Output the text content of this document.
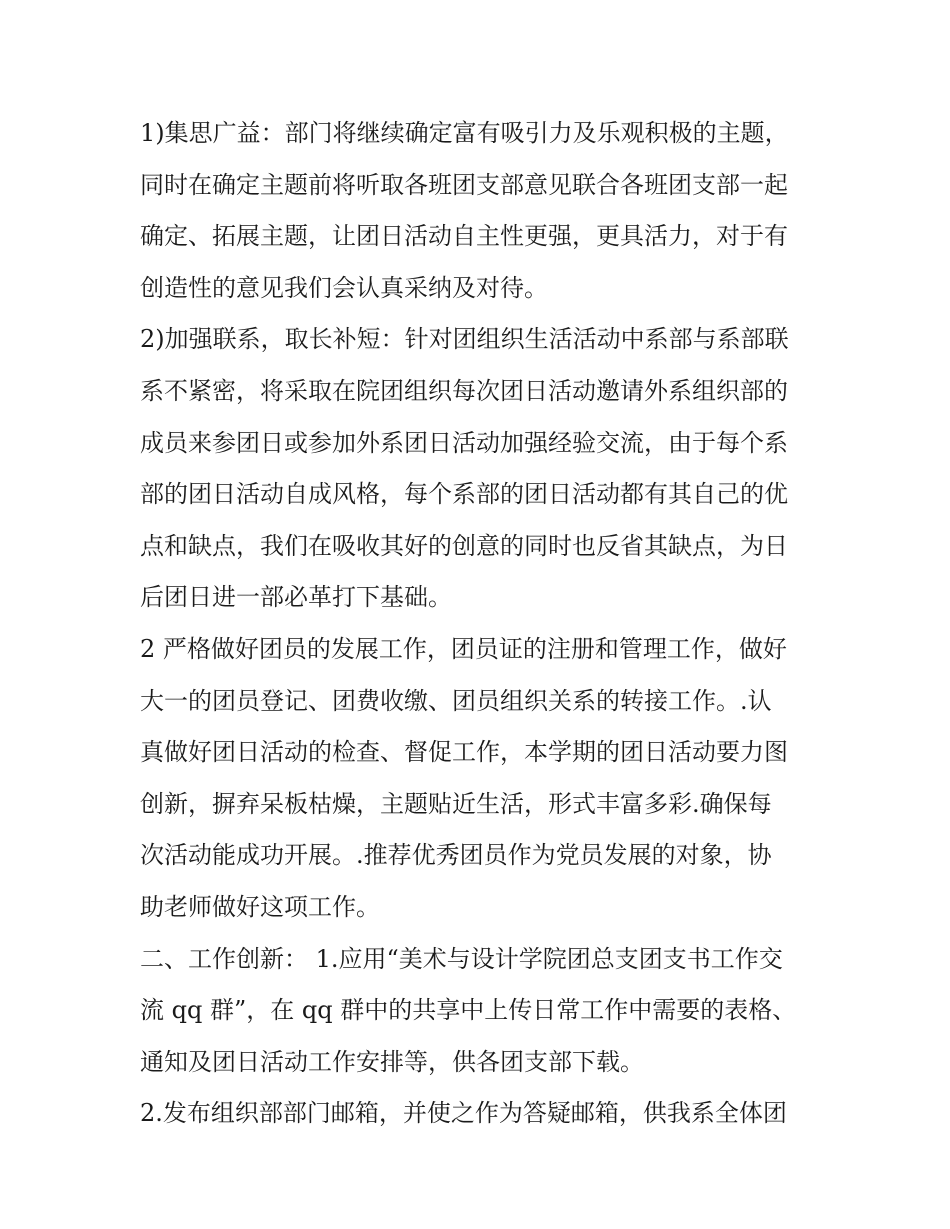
1)集思广益：部门将继续确定富有吸引力及乐观积极的主题，
同时在确定主题前将听取各班团支部意见联合各班团支部一起
确定、拓展主题，让团日活动自主性更强，更具活力，对于有
创造性的意见我们会认真采纳及对待。
2)加强联系，取长补短：针对团组织生活活动中系部与系部联
系不紧密，将采取在院团组织每次团日活动邀请外系组织部的
成员来参团日或参加外系团日活动加强经验交流，由于每个系
部的团日活动自成风格，每个系部的团日活动都有其自己的优
点和缺点，我们在吸收其好的创意的同时也反省其缺点，为日
后团日进一部必革打下基础。
2 严格做好团员的发展工作，团员证的注册和管理工作，做好
大一的团员登记、团费收缴、团员组织关系的转接工作。.认
真做好团日活动的检查、督促工作，本学期的团日活动要力图
创新，摒弃呆板枯燥，主题贴近生活，形式丰富多彩.确保每
次活动能成功开展。.推荐优秀团员作为党员发展的对象，协
助老师做好这项工作。
二、工作创新： 1.应用“美术与设计学院团总支团支书工作交
流 qq 群”，在 qq 群中的共享中上传日常工作中需要的表格、
通知及团日活动工作安排等，供各团支部下载。
2.发布组织部部门邮箱，并使之作为答疑邮箱，供我系全体团
